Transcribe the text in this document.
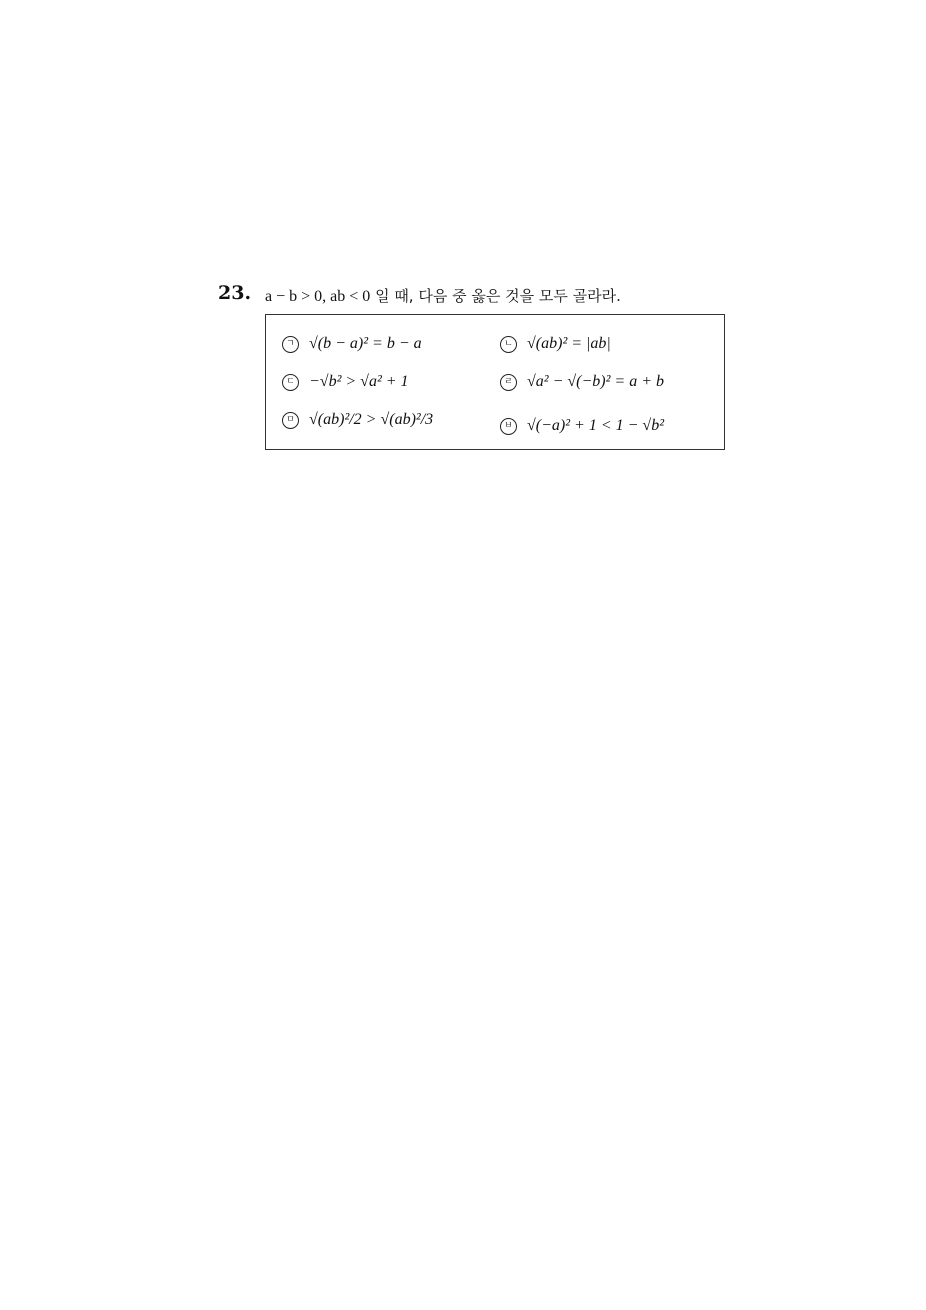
23. a − b > 0, ab < 0 일 때, 다음 중 옳은 것을 모두 골라라.
ㄱ √(b − a)² = b − a	ㄴ √(ab)² = |ab|
ㄷ −√b² > √a² + 1	ㄹ √a² − √(−b)² = a + b
ㅁ √(ab)²/2 > √(ab)²/3	ㅂ √(−a)² + 1 < 1 − √b²
